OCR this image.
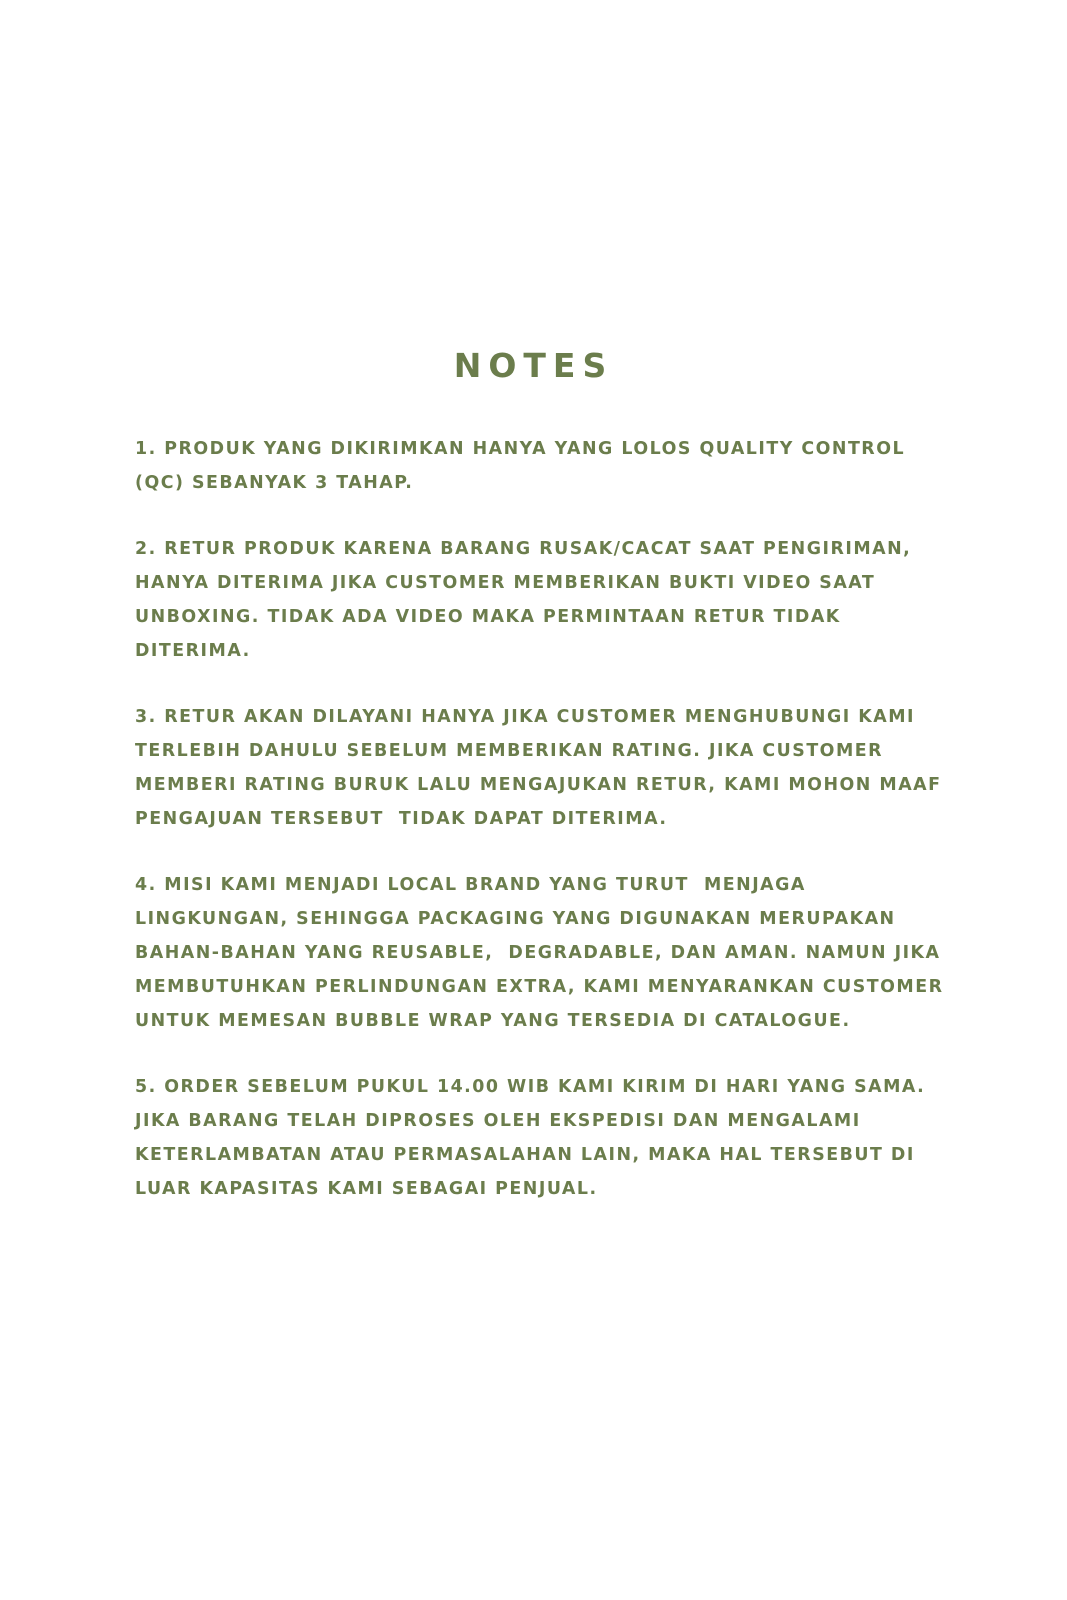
NOTES
1. PRODUK YANG DIKIRIMKAN HANYA YANG LOLOS QUALITY CONTROL
(QC) SEBANYAK 3 TAHAP.
2. RETUR PRODUK KARENA BARANG RUSAK/CACAT SAAT PENGIRIMAN,
HANYA DITERIMA JIKA CUSTOMER MEMBERIKAN BUKTI VIDEO SAAT
UNBOXING. TIDAK ADA VIDEO MAKA PERMINTAAN RETUR TIDAK
DITERIMA.
3. RETUR AKAN DILAYANI HANYA JIKA CUSTOMER MENGHUBUNGI KAMI
TERLEBIH DAHULU SEBELUM MEMBERIKAN RATING. JIKA CUSTOMER
MEMBERI RATING BURUK LALU MENGAJUKAN RETUR, KAMI MOHON MAAF
PENGAJUAN TERSEBUT  TIDAK DAPAT DITERIMA.
4. MISI KAMI MENJADI LOCAL BRAND YANG TURUT  MENJAGA
LINGKUNGAN, SEHINGGA PACKAGING YANG DIGUNAKAN MERUPAKAN
BAHAN-BAHAN YANG REUSABLE,  DEGRADABLE, DAN AMAN. NAMUN JIKA
MEMBUTUHKAN PERLINDUNGAN EXTRA, KAMI MENYARANKAN CUSTOMER
UNTUK MEMESAN BUBBLE WRAP YANG TERSEDIA DI CATALOGUE.
5. ORDER SEBELUM PUKUL 14.00 WIB KAMI KIRIM DI HARI YANG SAMA.
JIKA BARANG TELAH DIPROSES OLEH EKSPEDISI DAN MENGALAMI
KETERLAMBATAN ATAU PERMASALAHAN LAIN, MAKA HAL TERSEBUT DI
LUAR KAPASITAS KAMI SEBAGAI PENJUAL.
